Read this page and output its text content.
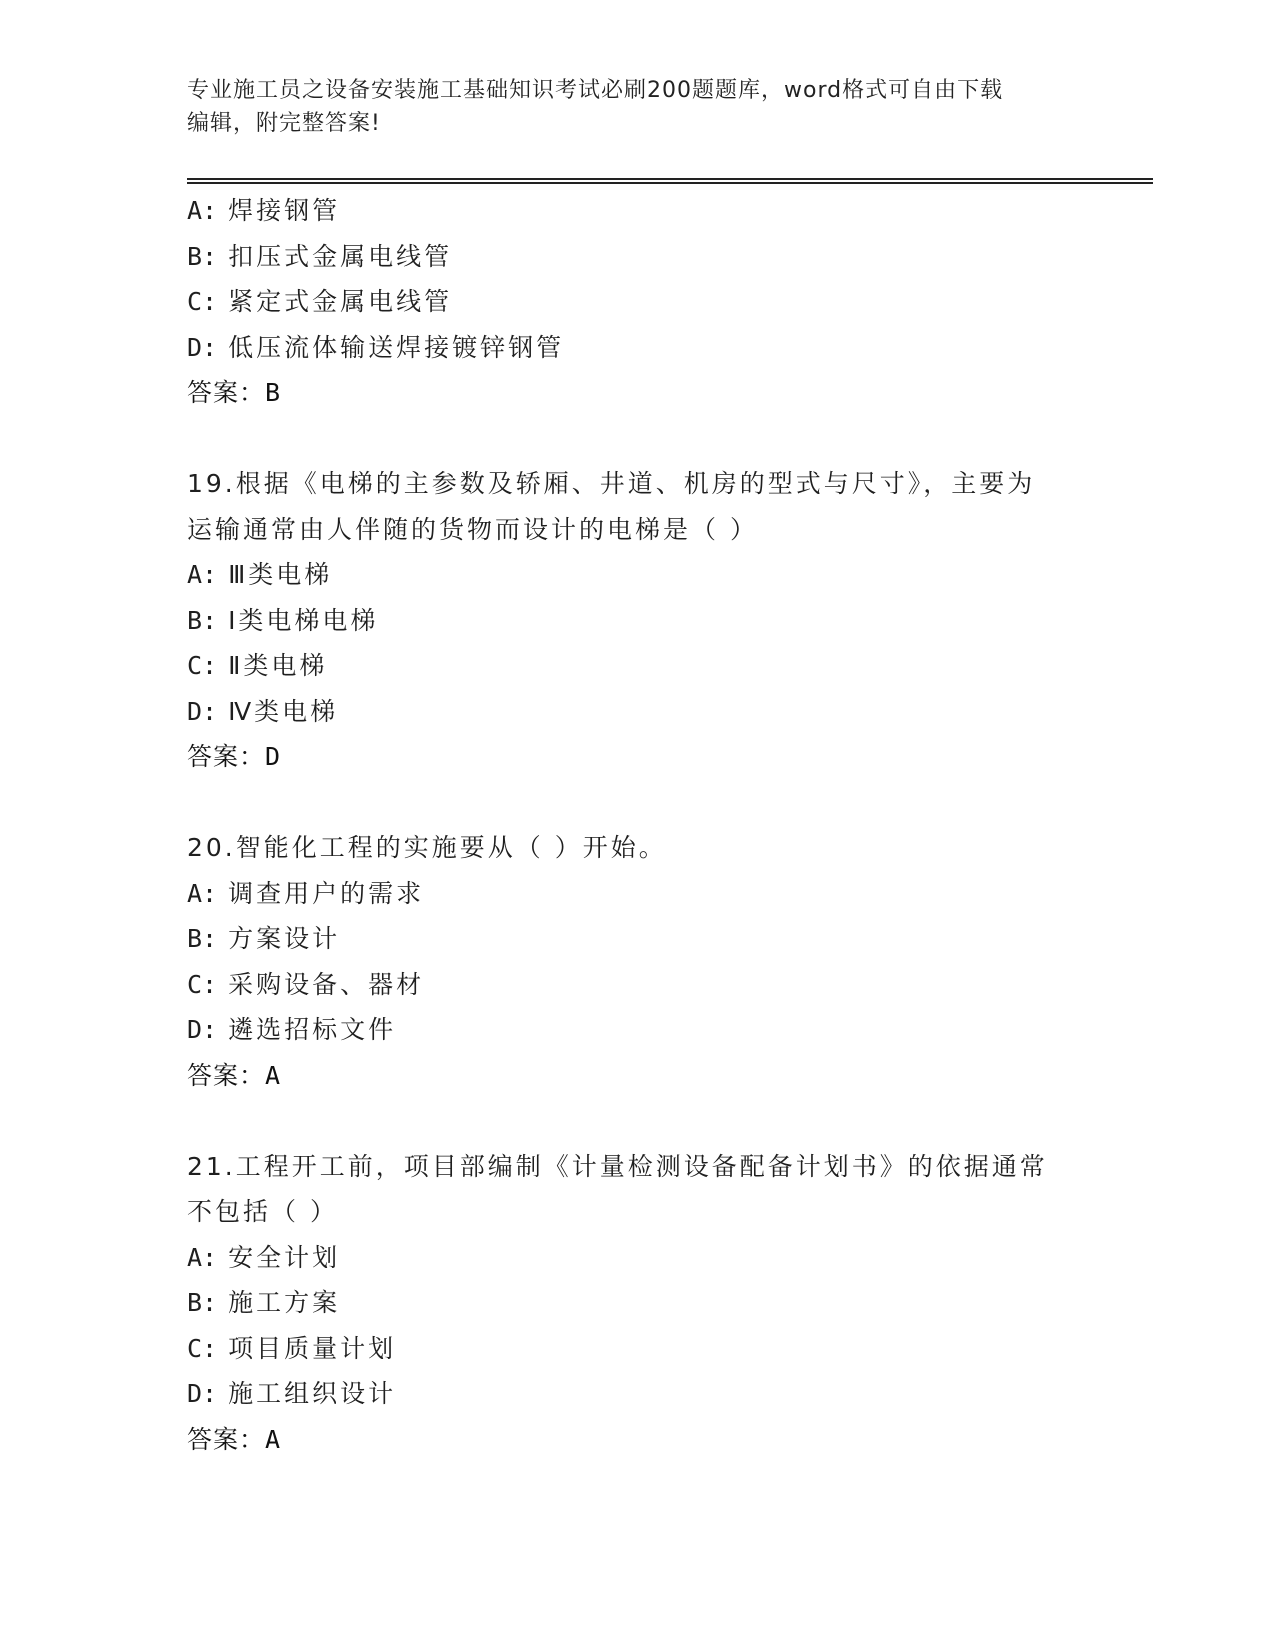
专业施工员之设备安装施工基础知识考试必刷200题题库，word格式可自由下载
编辑，附完整答案!
A: 焊接钢管
B: 扣压式金属电线管
C: 紧定式金属电线管
D: 低压流体输送焊接镀锌钢管
答案：B
19.根据《电梯的主参数及轿厢、井道、机房的型式与尺寸》，主要为
运输通常由人伴随的货物而设计的电梯是（ ）
A: Ⅲ类电梯
B: Ⅰ类电梯电梯
C: Ⅱ类电梯
D: Ⅳ类电梯
答案：D
20.智能化工程的实施要从（ ）开始。
A: 调查用户的需求
B: 方案设计
C: 采购设备、器材
D: 遴选招标文件
答案：A
21.工程开工前，项目部编制《计量检测设备配备计划书》的依据通常
不包括（ ）
A: 安全计划
B: 施工方案
C: 项目质量计划
D: 施工组织设计
答案：A
